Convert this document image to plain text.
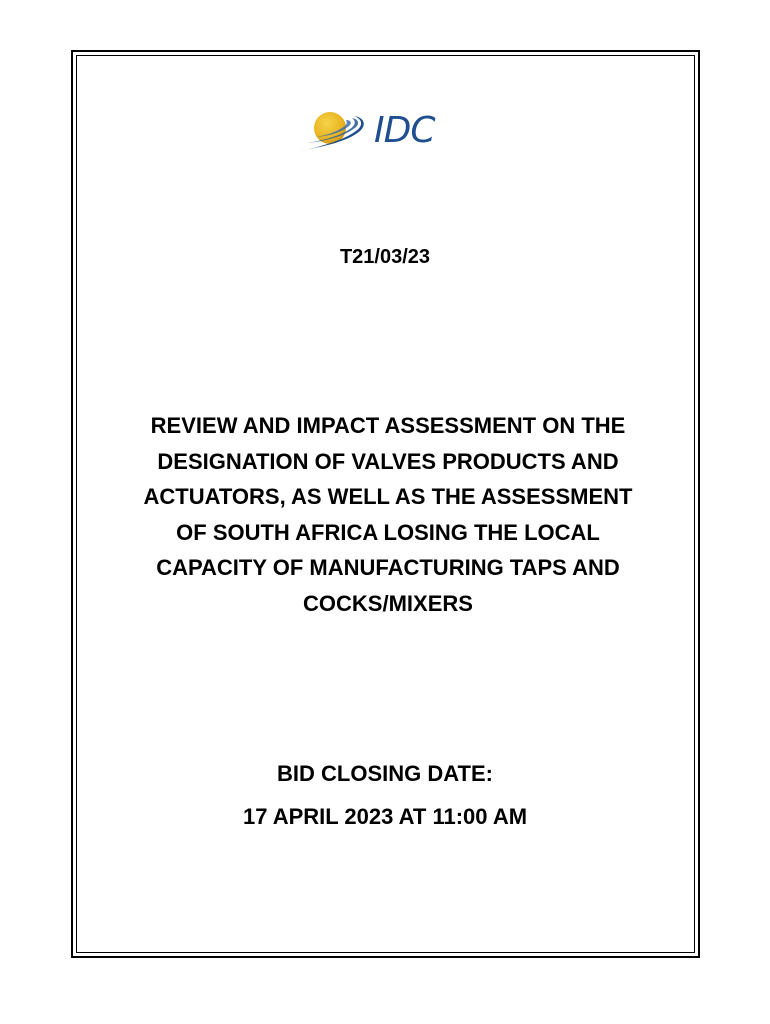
IDC
T21/03/23
REVIEW AND IMPACT ASSESSMENT ON THE
DESIGNATION OF VALVES PRODUCTS AND
ACTUATORS, AS WELL AS THE ASSESSMENT
OF SOUTH AFRICA LOSING THE LOCAL
CAPACITY OF MANUFACTURING TAPS AND
COCKS/MIXERS
BID CLOSING DATE:
17 APRIL 2023 AT 11:00 AM
